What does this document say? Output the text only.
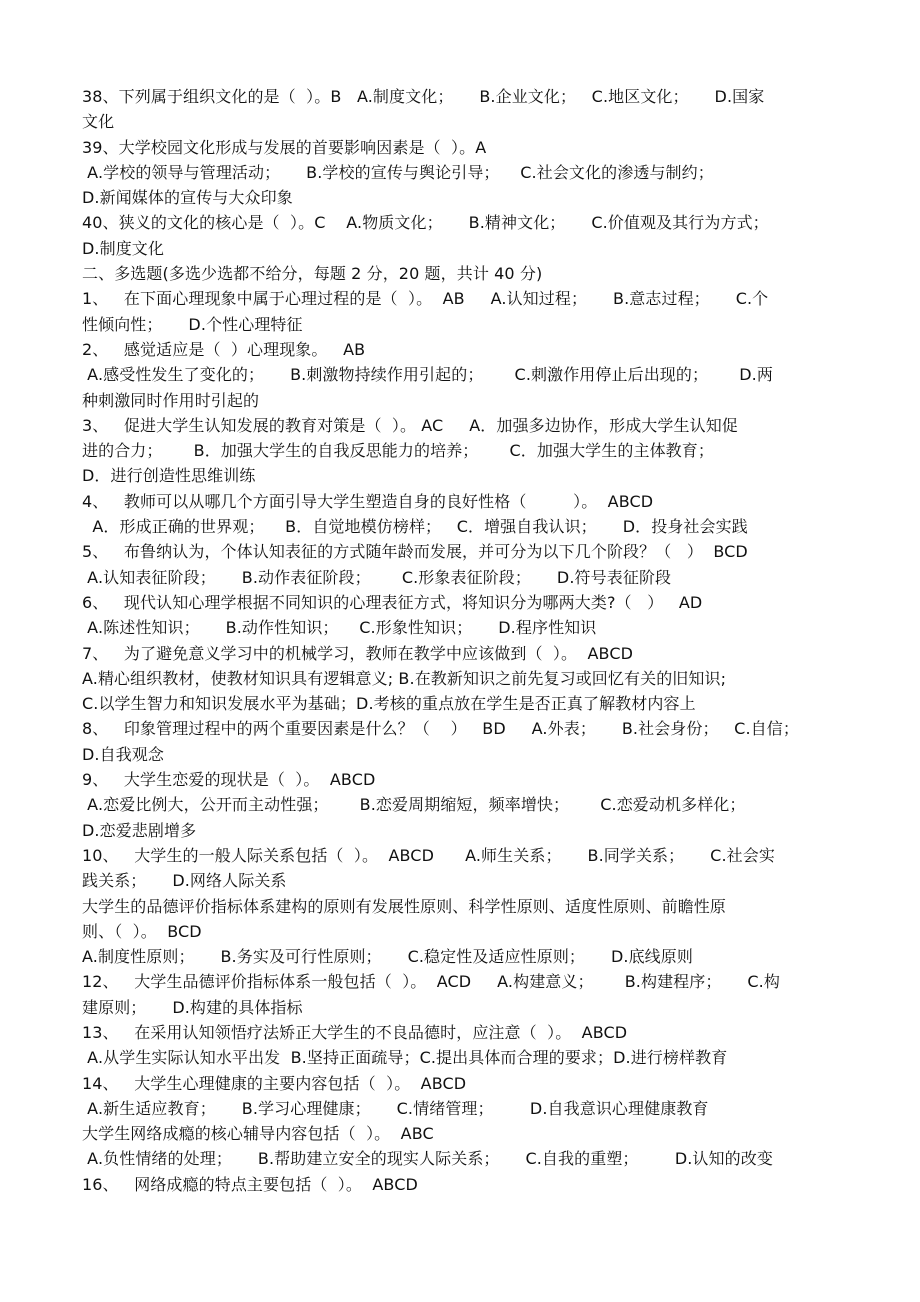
38、下列属于组织文化的是（  ）。B   A.制度文化；     B.企业文化；   C.地区文化；     D.国家
文化
39、大学校园文化形成与发展的首要影响因素是（  ）。A
A.学校的领导与管理活动；     B.学校的宣传与舆论引导；    C.社会文化的渗透与制约；
D.新闻媒体的宣传与大众印象
40、狭义的文化的核心是（  ）。C    A.物质文化；     B.精神文化；     C.价值观及其行为方式；
D.制度文化
二、多选题(多选少选都不给分，每题 2 分，20 题，共计 40 分)
1、   在下面心理现象中属于心理过程的是（  ）。  AB     A.认知过程；     B.意志过程；     C.个
性倾向性；     D.个性心理特征
2、   感觉适应是（  ）心理现象。   AB
A.感受性发生了变化的；     B.刺激物持续作用引起的；      C.刺激作用停止后出现的；      D.两
种刺激同时作用时引起的
3、   促进大学生认知发展的教育对策是（  ）。 AC     A．加强多边协作，形成大学生认知促
进的合力；      B．加强大学生的自我反思能力的培养；      C．加强大学生的主体教育；
D．进行创造性思维训练
4、   教师可以从哪几个方面引导大学生塑造自身的良好性格（         ）。  ABCD
A．形成正确的世界观；    B．自觉地模仿榜样；   C．增强自我认识；     D．投身社会实践
5、   布鲁纳认为，个体认知表征的方式随年龄而发展，并可分为以下几个阶段？（   ）  BCD
A.认知表征阶段；     B.动作表征阶段；      C.形象表征阶段；     D.符号表征阶段
6、   现代认知心理学根据不同知识的心理表征方式，将知识分为哪两大类?（   ）   AD
A.陈述性知识；     B.动作性知识；    C.形象性知识；     D.程序性知识
7、   为了避免意义学习中的机械学习，教师在教学中应该做到（  ）。  ABCD
A.精心组织教材，使教材知识具有逻辑意义; B.在教新知识之前先复习或回忆有关的旧知识;
C.以学生智力和知识发展水平为基础；D.考核的重点放在学生是否正真了解教材内容上
8、   印象管理过程中的两个重要因素是什么？（    ）   BD     A.外表；     B.社会身份；   C.自信；
D.自我观念
9、   大学生恋爱的现状是（  ）。  ABCD
A.恋爱比例大，公开而主动性强；      B.恋爱周期缩短，频率增快；      C.恋爱动机多样化；
D.恋爱悲剧增多
10、   大学生的一般人际关系包括（  ）。  ABCD      A.师生关系；     B.同学关系；     C.社会实
践关系；     D.网络人际关系
大学生的品德评价指标体系建构的原则有发展性原则、科学性原则、适度性原则、前瞻性原
则、（  ）。  BCD
A.制度性原则；     B.务实及可行性原则；     C.稳定性及适应性原则；     D.底线原则
12、   大学生品德评价指标体系一般包括（  ）。  ACD     A.构建意义；      B.构建程序；     C.构
建原则；     D.构建的具体指标
13、   在采用认知领悟疗法矫正大学生的不良品德时，应注意（  ）。  ABCD
A.从学生实际认知水平出发  B.坚持正面疏导；C.提出具体而合理的要求；D.进行榜样教育
14、   大学生心理健康的主要内容包括（  ）。  ABCD
A.新生适应教育；     B.学习心理健康；     C.情绪管理；       D.自我意识心理健康教育
大学生网络成瘾的核心辅导内容包括（  ）。  ABC
A.负性情绪的处理；     B.帮助建立安全的现实人际关系；     C.自我的重塑；       D.认知的改变
16、   网络成瘾的特点主要包括（  ）。  ABCD
